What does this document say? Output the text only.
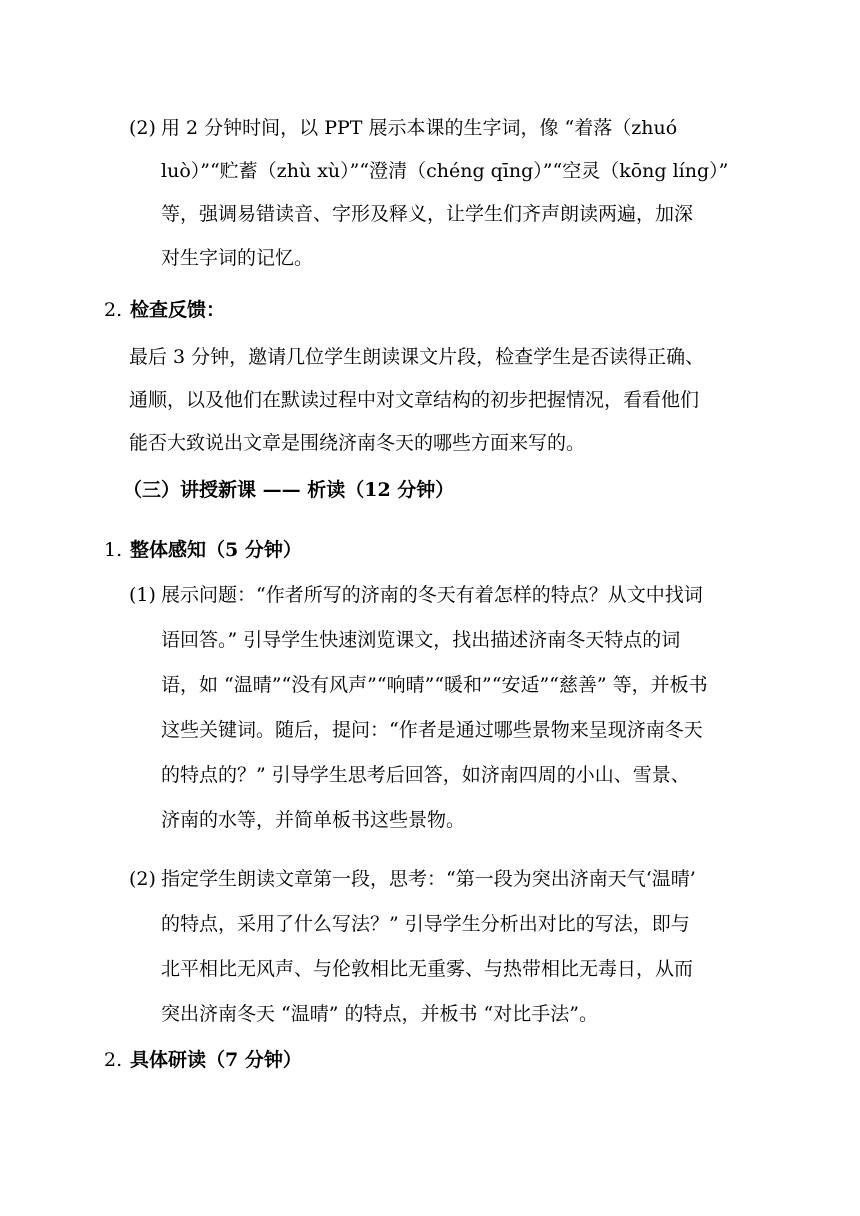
(2) 用 2 分钟时间，以 PPT 展示本课的生字词，像 “着落（zhuó
luò）”“贮蓄（zhù xù）”“澄清（chéng qīng）”“空灵（kōng líng）”
等，强调易错读音、字形及释义，让学生们齐声朗读两遍，加深
对生字词的记忆。
2. 检查反馈：
最后 3 分钟，邀请几位学生朗读课文片段，检查学生是否读得正确、
通顺，以及他们在默读过程中对文章结构的初步把握情况，看看他们
能否大致说出文章是围绕济南冬天的哪些方面来写的。
（三）讲授新课 —— 析读（12 分钟）
1. 整体感知（5 分钟）
(1) 展示问题：“作者所写的济南的冬天有着怎样的特点？从文中找词
语回答。” 引导学生快速浏览课文，找出描述济南冬天特点的词
语，如 “温晴”“没有风声”“响晴”“暖和”“安适”“慈善” 等，并板书
这些关键词。随后，提问：“作者是通过哪些景物来呈现济南冬天
的特点的？” 引导学生思考后回答，如济南四周的小山、雪景、
济南的水等，并简单板书这些景物。
(2) 指定学生朗读文章第一段，思考：“第一段为突出济南天气‘温晴’
的特点，采用了什么写法？” 引导学生分析出对比的写法，即与
北平相比无风声、与伦敦相比无重雾、与热带相比无毒日，从而
突出济南冬天 “温晴” 的特点，并板书 “对比手法”。
2. 具体研读（7 分钟）
